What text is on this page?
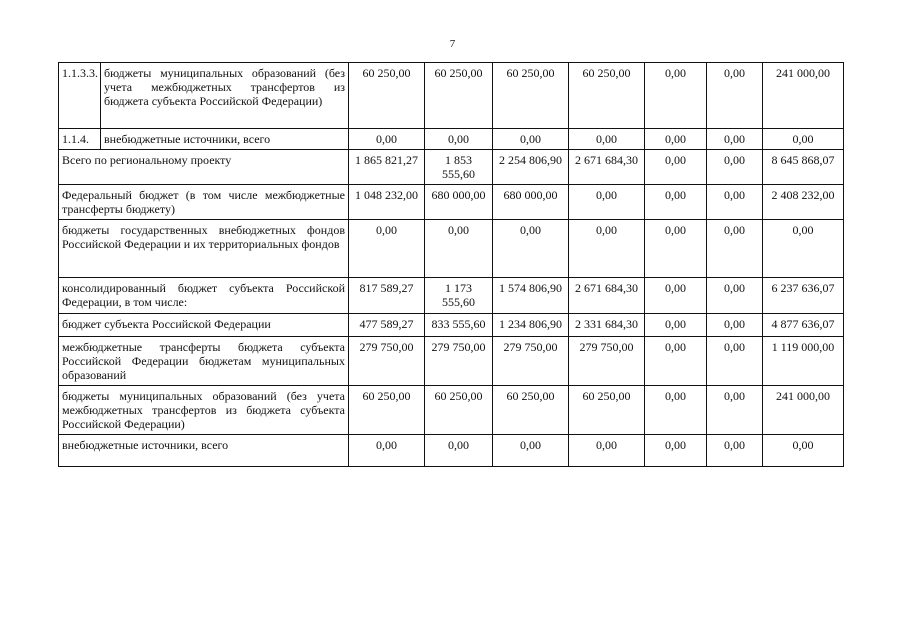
7
1.1.3.3.	бюджеты муниципальных образований (без учета межбюджетных трансфертов из бюджета субъекта Российской Федерации)	60 250,00	60 250,00	60 250,00	60 250,00	0,00	0,00	241 000,00
1.1.4.	внебюджетные источники, всего	0,00	0,00	0,00	0,00	0,00	0,00	0,00
Всего по региональному проекту		1 865 821,27	1 853 555,60	2 254 806,90	2 671 684,30	0,00	0,00	8 645 868,07
Федеральный бюджет (в том числе межбюджетные трансферты бюджету)		1 048 232,00	680 000,00	680 000,00	0,00	0,00	0,00	2 408 232,00
бюджеты государственных внебюджетных фондов Российской Федерации и их территориальных фондов		0,00	0,00	0,00	0,00	0,00	0,00	0,00
консолидированный бюджет субъекта Российской Федерации, в том числе:		817 589,27	1 173 555,60	1 574 806,90	2 671 684,30	0,00	0,00	6 237 636,07
бюджет субъекта Российской Федерации		477 589,27	833 555,60	1 234 806,90	2 331 684,30	0,00	0,00	4 877 636,07
межбюджетные трансферты бюджета субъекта Российской Федерации бюджетам муниципальных образований		279 750,00	279 750,00	279 750,00	279 750,00	0,00	0,00	1 119 000,00
бюджеты муниципальных образований (без учета межбюджетных трансфертов из бюджета субъекта Российской Федерации)		60 250,00	60 250,00	60 250,00	60 250,00	0,00	0,00	241 000,00
внебюджетные источники, всего		0,00	0,00	0,00	0,00	0,00	0,00	0,00
